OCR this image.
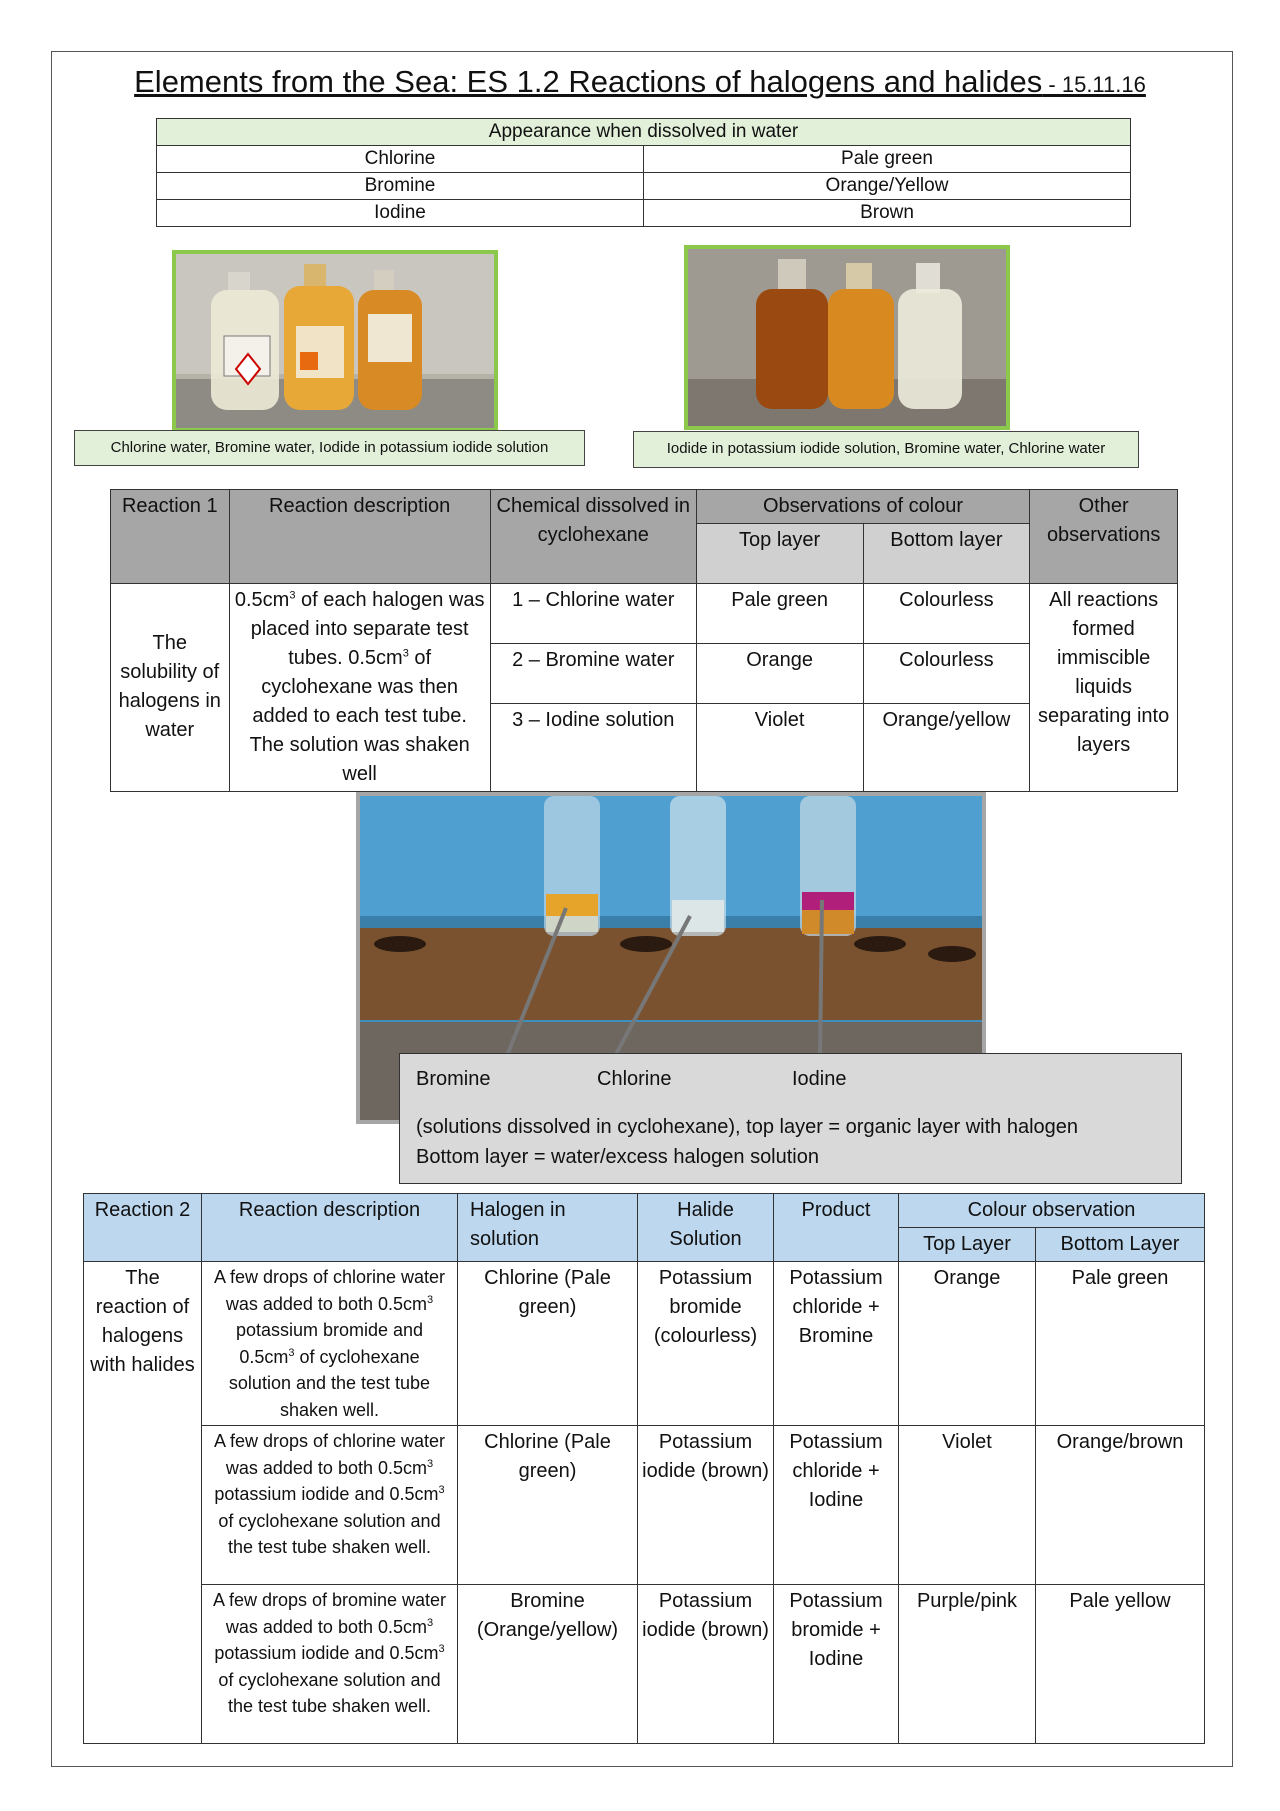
Elements from the Sea: ES 1.2 Reactions of halogens and halides - 15.11.16
Appearance when dissolved in water	
Chlorine	Pale green
Bromine	Orange/Yellow
Iodine	Brown
Chlorine water, Bromine water, Iodide in potassium iodide solution	Iodide in potassium iodide solution, Bromine water, Chlorine water
Reaction 1	Reaction description	Chemical dissolved in cyclohexane	Observations of colour		Other observations
			Top layer	Bottom layer	
The solubility of halogens in water	$0.5cm^3$ of each halogen was placed into separate test tubes. $0.5cm^3$ of cyclohexane was then added to each test tube. The solution was shaken well	1 – Chlorine water	Pale green	Colourless	All reactions formed immiscible liquids separating into layers
		2 – Bromine water	Orange	Colourless	
		3 – Iodine solution	Violet	Orange/yellow	
Bromine	Chlorine	Iodine
(solutions dissolved in cyclohexane), top layer = organic layer with halogen
Bottom layer = water/excess halogen solution
Reaction 2	Reaction description	Halogen in solution	Halide Solution	Product	Colour observation	
					Top Layer	Bottom Layer
The reaction of halogens with halides	A few drops of chlorine water was added to both $0.5cm^3$ potassium bromide and $0.5cm^3$ of cyclohexane solution and the test tube shaken well.	Chlorine (Pale green)	Potassium bromide (colourless)	Potassium chloride + Bromine	Orange	Pale green
	A few drops of chlorine water was added to both $0.5cm^3$ potassium iodide and $0.5cm^3$ of cyclohexane solution and the test tube shaken well.	Chlorine (Pale green)	Potassium iodide (brown)	Potassium chloride + Iodine	Violet	Orange/brown
	A few drops of bromine water was added to both $0.5cm^3$ potassium iodide and $0.5cm^3$ of cyclohexane solution and the test tube shaken well.	Bromine (Orange/yellow)	Potassium iodide (brown)	Potassium bromide + Iodine	Purple/pink	Pale yellow
